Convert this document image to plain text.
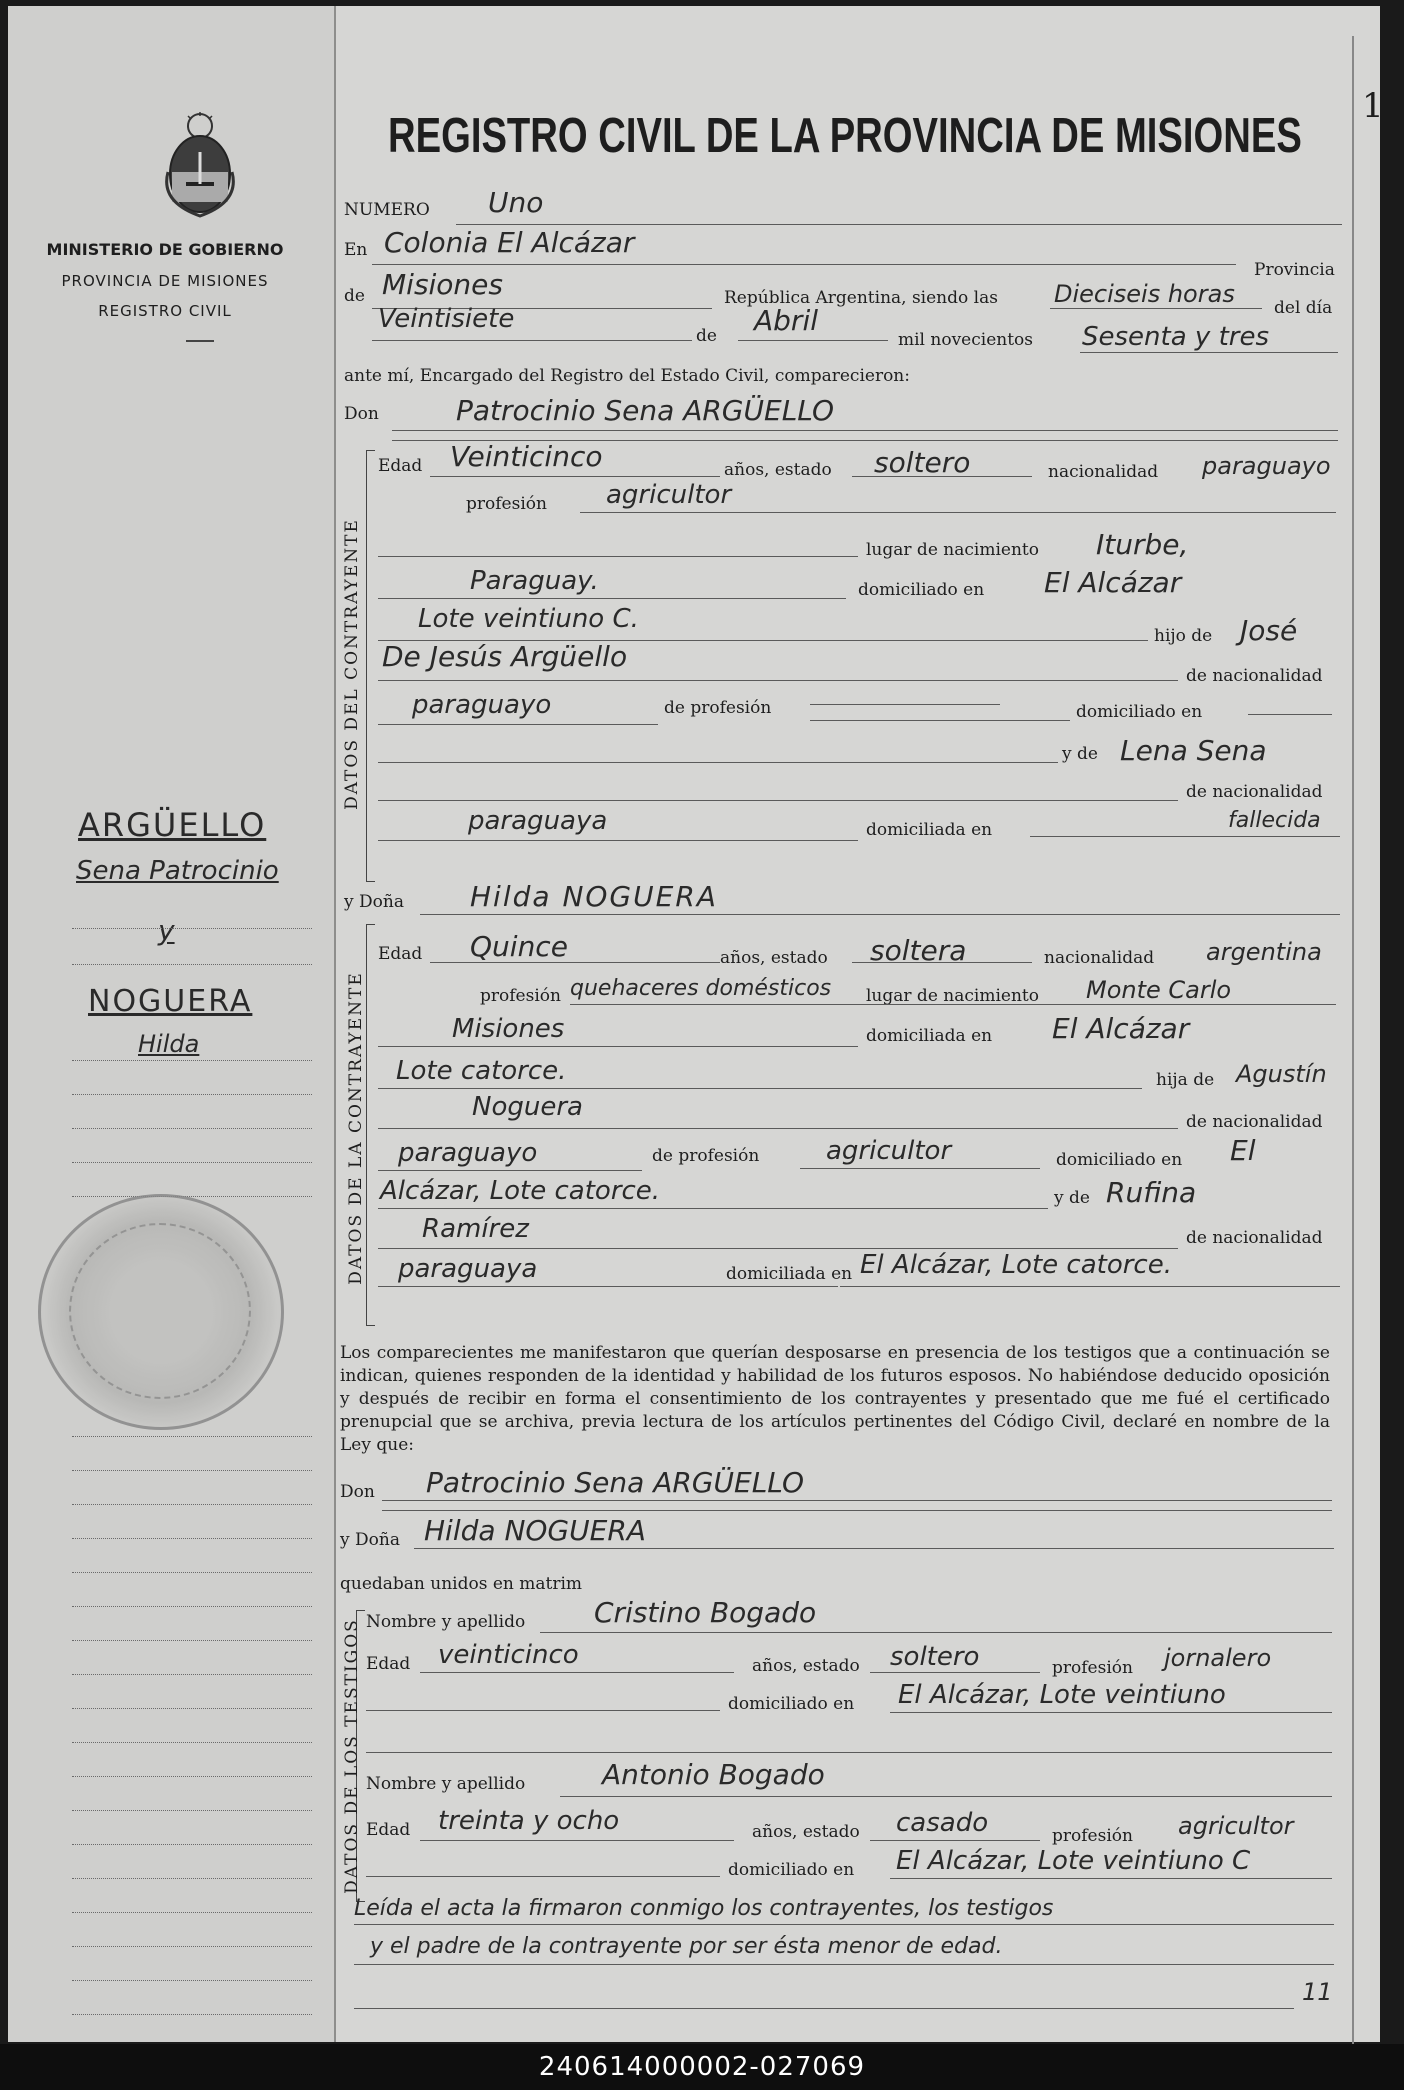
MINISTERIO DE GOBIERNO
PROVINCIA DE MISIONES
REGISTRO CIVIL
ARGÜELLO
Sena Patrocinio
y
NOGUERA
Hilda
REGISTRO CIVIL DE LA PROVINCIA DE MISIONES
1
NUMERO Uno
En Colonia El Alcázar
Provincia
de Misiones	República Argentina, siendo las Dieciseis horas del día
Veintisiete
de Abril
mil novecientos Sesenta y tres
ante mí, Encargado del Registro del Estado Civil, comparecieron:
Don	Patrocinio Sena ARGÜELLO
DATOS DEL CONTRAYENTE
Edad Veinticinco	años, estado soltero	nacionalidad paraguayo
profesión agricultor
lugar de nacimiento Iturbe,
Paraguay.	domiciliado en El Alcázar
Lote veintiuno C.
hijo de José
De Jesús Argüello
de nacionalidad
paraguayo	de profesión	domiciliado en
y de Lena Sena
de nacionalidad
paraguaya	domiciliada en	fallecida
y Doña Hilda NOGUERA
DATOS DE LA CONTRAYENTE
Edad Quince	años, estado soltera	nacionalidad argentina
profesión quehaceres domésticos lugar de nacimiento Monte Carlo
Misiones	domiciliada en El Alcázar
Lote catorce.	hija de Agustín
Noguera	de nacionalidad
paraguayo	de profesión	agricultor	domiciliado en El
Alcázar, Lote catorce.	y de Rufina
Ramírez	de nacionalidad
paraguaya	domiciliada en El Alcázar, Lote catorce.
Los comparecientes me manifestaron que querían desposarse en presencia de los testigos que a continuación se indican, quienes responden de la identidad y habilidad de los futuros esposos. No habiéndose deducido oposición y después de recibir en forma el consentimiento de los contrayentes y presentado que me fué el certificado prenupcial que se archiva, previa lectura de los artículos pertinentes del Código Civil, declaré en nombre de la Ley que:
Don Patrocinio Sena ARGÜELLO
y Doña Hilda NOGUERA
quedaban unidos en matrim
DATOS DE LOS TESTIGOS Nombre y apellido Cristino Bogado
Edad veinticinco	años, estado soltero	profesión jornalero
domiciliado en El Alcázar, Lote veintiuno
Nombre y apellido	Antonio Bogado
Edad treinta y ocho	años, estado casado	profesión agricultor
domiciliado en El Alcázar, Lote veintiuno C
Leída el acta la firmaron conmigo los contrayentes, los testigos
y el padre de la contrayente por ser ésta menor de edad.
11
240614000002-027069
